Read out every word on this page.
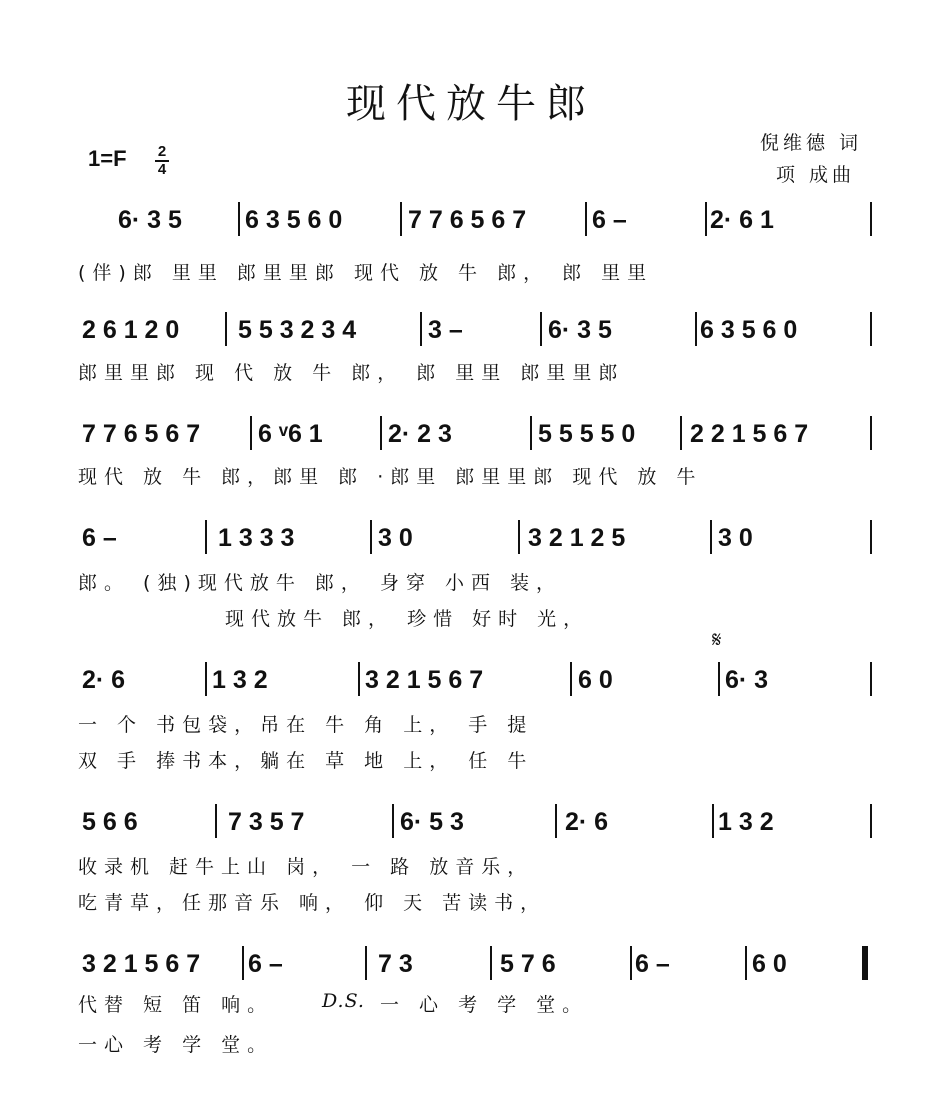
现代放牛郎
倪维德 词
项 成曲
1=F 2
4
6· 3 5	6 3 5 6 0	7 7 6 5 6 7	6 –	2· 6 1
(伴)郎 里里 郎里里郎 现代 放 牛 郎， 郎 里里
2 6 1 2 0	5 5 3 2 3 4	3 –	6· 3 5	6 3 5 6 0
郎里里郎 现 代 放 牛 郎， 郎 里里 郎里里郎
7 7 6 5 6 7	6 ᵛ6 1	2· 2 3	5 5 5 5 0	2 2 1 5 6 7
现代 放 牛 郎，郎里 郎 ·郎里 郎里里郎 现代 放 牛
6 –	1 3 3 3	3 0	3 2 1 2 5	3 0
郎。 (独)现代放牛 郎， 身穿 小西 装，
现代放牛 郎， 珍惜 好时 光，
2· 6	1 3 2	3 2 1 5 6 7	6 0	6· 3
一 个 书包袋，吊在 牛 角 上， 手 提
双 手 捧书本，躺在 草 地 上， 任 牛
5 6 6	7 3 5 7	6· 5 3	2· 6	1 3 2
收录机 赶牛上山 岗， 一 路 放音乐，
吃青草，任那音乐 响， 仰 天 苦读书，
3 2 1 5 6 7	6 –	7 3	5 7 6	6 –	6 0
代替 短 笛 响。	D.S. 一 心 考 学 堂。
一心 考 学 堂。
𝄋
